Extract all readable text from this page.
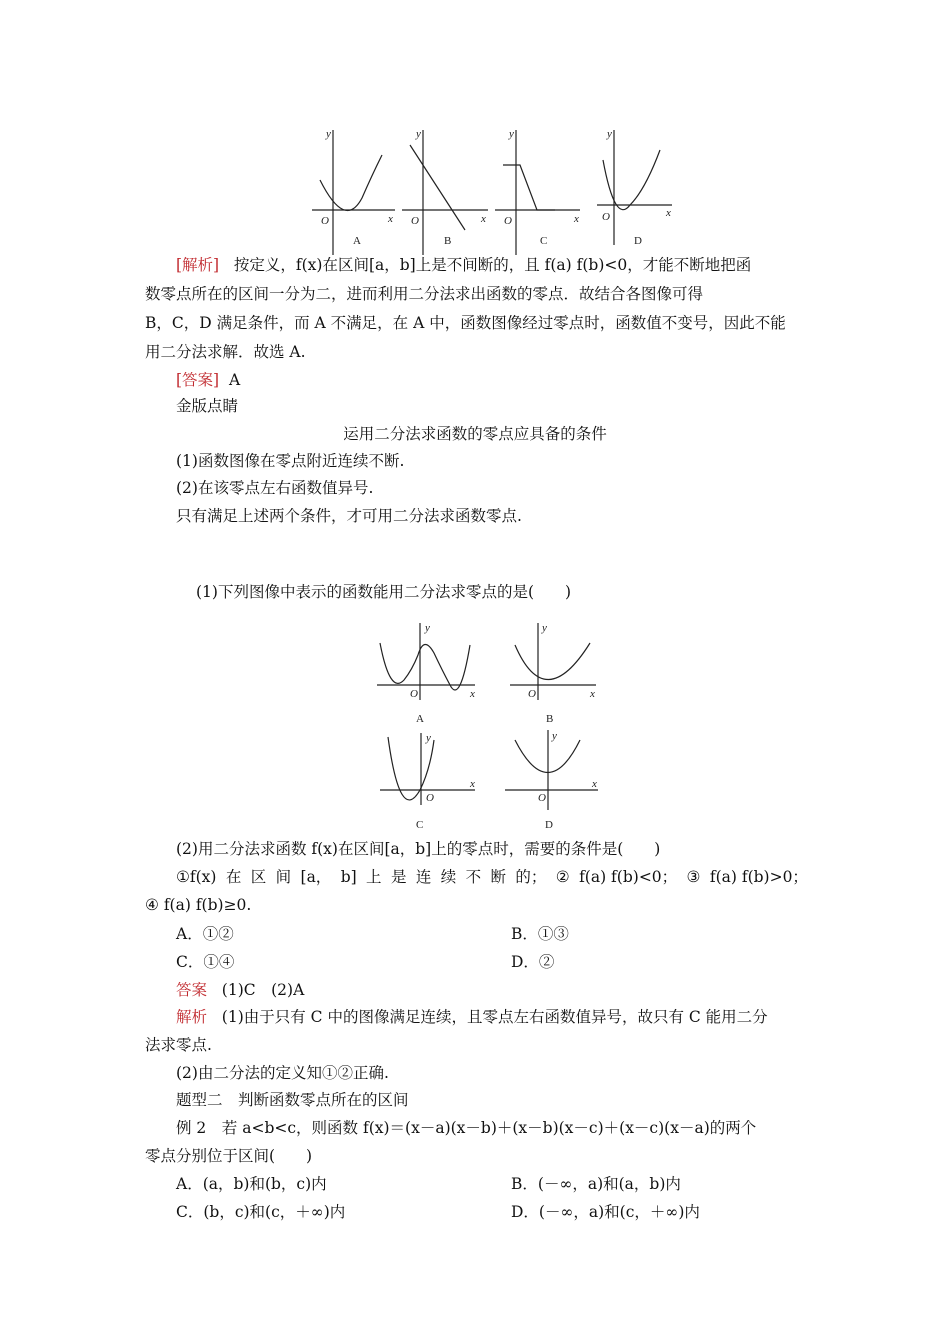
y
x
O
y
x
O
y
x
O
y
x
O
A	B	C	D
[解析] 按定义，f(x)在区间[a，b]上是不间断的，且 f(a) f(b)<0，才能不断地把函
数零点所在的区间一分为二，进而利用二分法求出函数的零点．故结合各图像可得
B，C，D 满足条件，而 A 不满足，在 A 中，函数图像经过零点时，函数值不变号，因此不能
用二分法求解．故选 A.
[答案] A
金版点睛
运用二分法求函数的零点应具备的条件
(1)函数图像在零点附近连续不断.
(2)在该零点左右函数值异号.
只有满足上述两个条件，才可用二分法求函数零点.
(1)下列图像中表示的函数能用二分法求零点的是(　　)
y
x
O
y
x
O
y
x
O
y
x
O
A	B
C	D
(2)用二分法求函数 f(x)在区间[a，b]上的零点时，需要的条件是(　　)
①f(x) 在 区 间 [a， b] 上 是 连 续 不 断 的； ② f(a) f(b)<0； ③ f(a) f(b)>0；
④ f(a) f(b)≥0.
A．①②	B．①③
C．①④	D．②
答案 (1)C　(2)A
解析 (1)由于只有 C 中的图像满足连续，且零点左右函数值异号，故只有 C 能用二分
法求零点.
(2)由二分法的定义知①②正确.
题型二　判断函数零点所在的区间
例 2　若 a<b<c，则函数 f(x)＝(x－a)(x－b)＋(x－b)(x－c)＋(x－c)(x－a)的两个
零点分别位于区间(　　)
A．(a，b)和(b，c)内	B．(－∞，a)和(a，b)内
C．(b，c)和(c，＋∞)内	D．(－∞，a)和(c，＋∞)内
